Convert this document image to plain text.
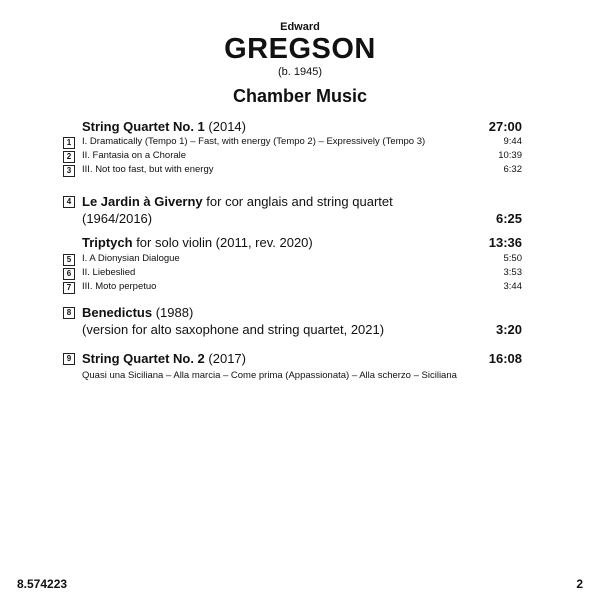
Edward
GREGSON
(b. 1945)
Chamber Music
String Quartet No. 1 (2014)	27:00
1	I. Dramatically (Tempo 1) – Fast, with energy (Tempo 2) – Expressively (Tempo 3)	9:44
2	II. Fantasia on a Chorale	10:39
3	III. Not too fast, but with energy	6:32
4 Le Jardin à Giverny for cor anglais and string quartet
(1964/2016)	6:25
Triptych for solo violin (2011, rev. 2020)	13:36
5	I. A Dionysian Dialogue	5:50
6	II. Liebeslied	3:53
7	III. Moto perpetuo	3:44
8 Benedictus (1988)
(version for alto saxophone and string quartet, 2021)	3:20
9 String Quartet No. 2 (2017)	16:08
Quasi una Siciliana – Alla marcia – Come prima (Appassionata) – Alla scherzo – Siciliana
8.574223	2
